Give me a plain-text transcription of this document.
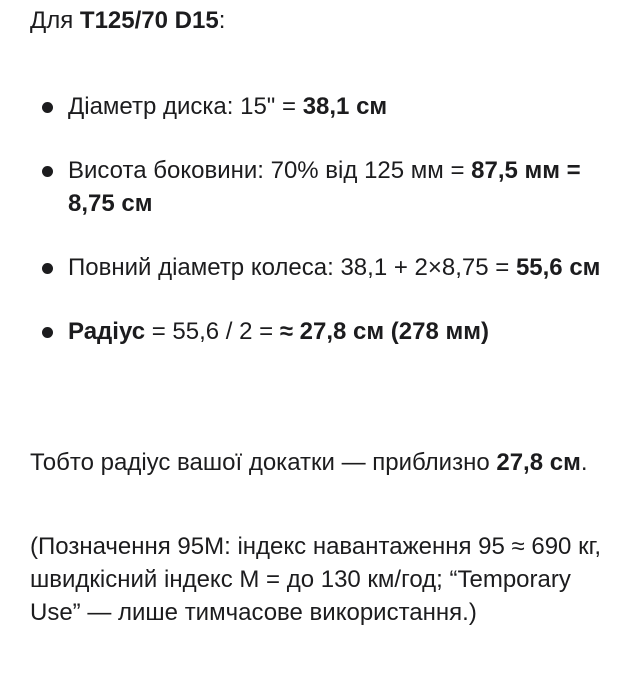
Для T125/70 D15:

Діаметр диска: 15" = 38,1 см
Висота боковини: 70% від 125 мм = 87,5 мм = 8,75 см
Повний діаметр колеса: 38,1 + 2×8,75 = 55,6 см
Радіус = 55,6 / 2 = ≈ 27,8 см (278 мм)

Тобто радіус вашої докатки — приблизно 27,8 см.

(Позначення 95M: індекс навантаження 95 ≈ 690 кг, швидкісний індекс M = до 130 км/год; “Temporary Use” — лише тимчасове використання.)
